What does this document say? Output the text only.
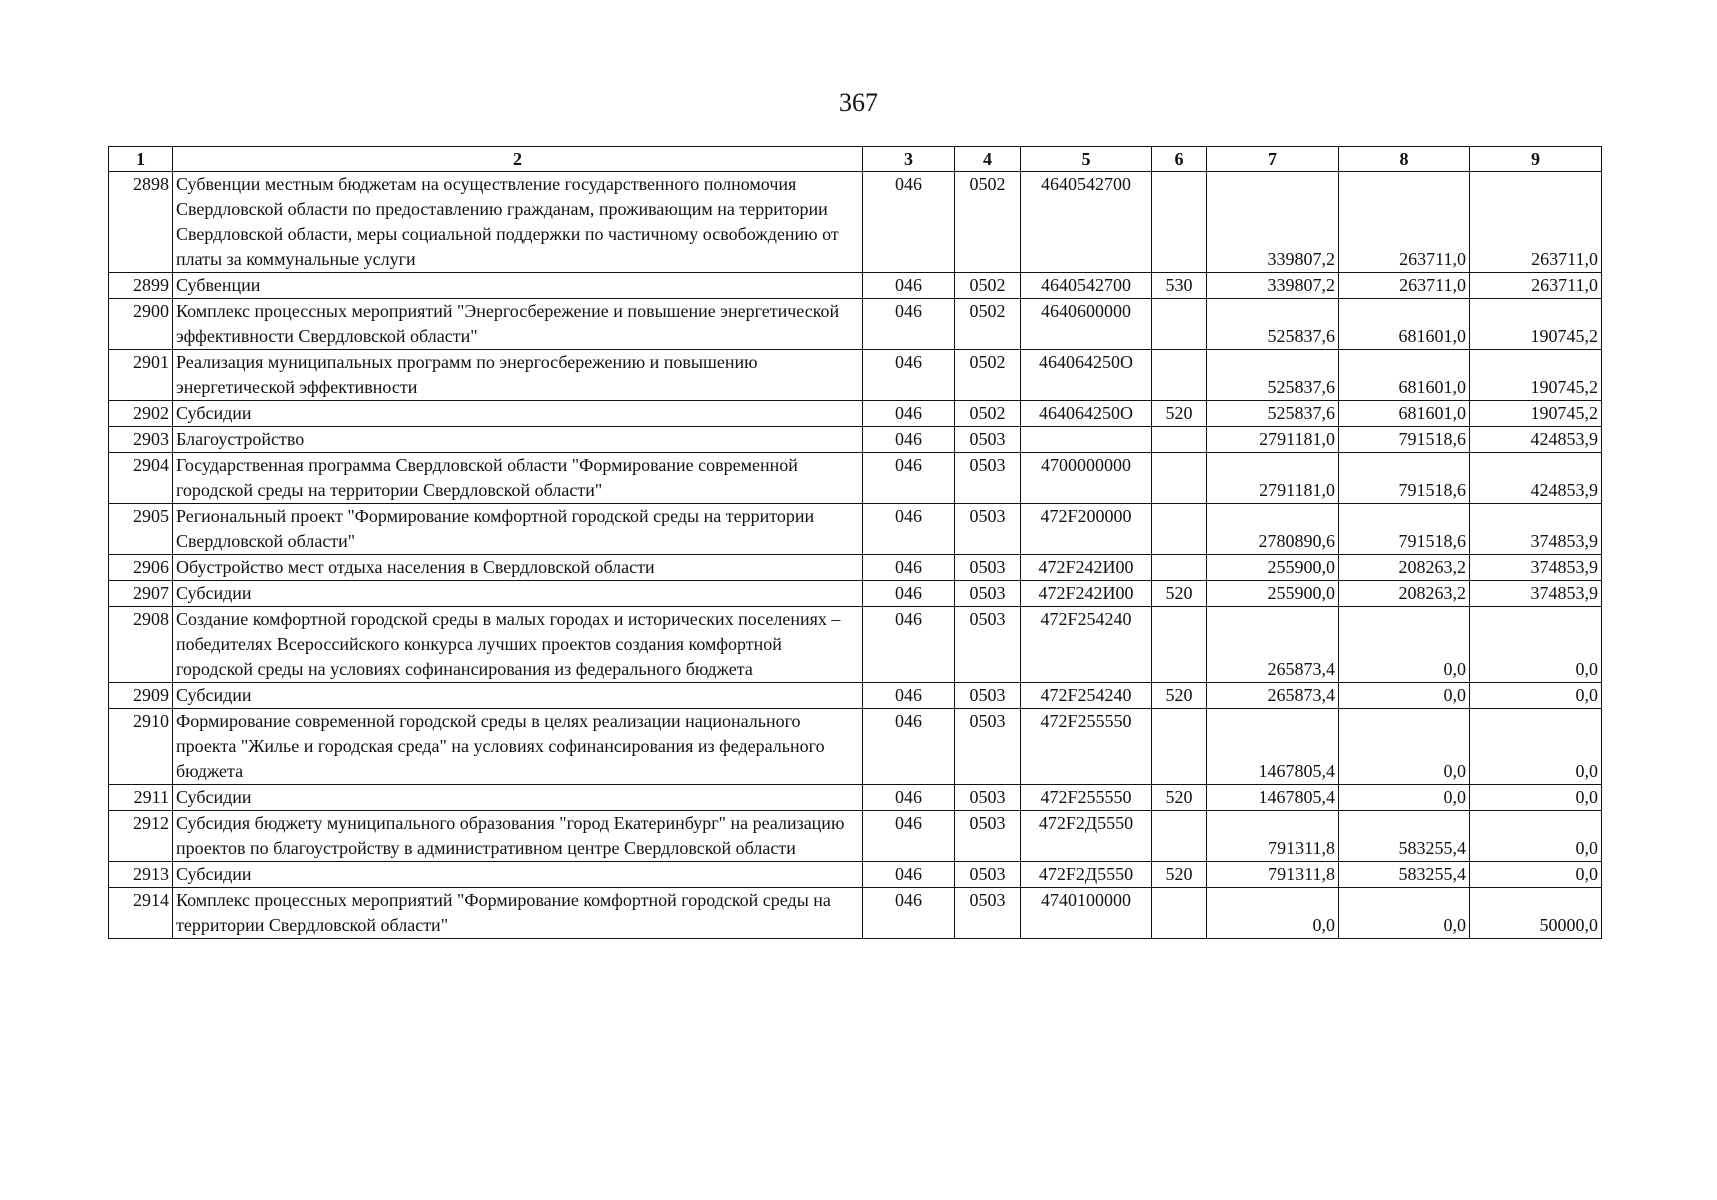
367
1	2	3	4	5	6	7	8	9
2898	Субвенции местным бюджетам на осуществление государственного полномочия Свердловской области по предоставлению гражданам, проживающим на территории Свердловской области, меры социальной поддержки по частичному освобождению от платы за коммунальные услуги	046	0502	4640542700		339807,2	263711,0	263711,0
2899	Субвенции	046	0502	4640542700	530	339807,2	263711,0	263711,0
2900	Комплекс процессных мероприятий "Энергосбережение и повышение энергетической эффективности Свердловской области"	046	0502	4640600000		525837,6	681601,0	190745,2
2901	Реализация муниципальных программ по энергосбережению и повышению энергетической эффективности	046	0502	464064250О		525837,6	681601,0	190745,2
2902	Субсидии	046	0502	464064250О	520	525837,6	681601,0	190745,2
2903	Благоустройство	046	0503			2791181,0	791518,6	424853,9
2904	Государственная программа Свердловской области "Формирование современной городской среды на территории Свердловской области"	046	0503	4700000000		2791181,0	791518,6	424853,9
2905	Региональный проект "Формирование комфортной городской среды на территории Свердловской области"	046	0503	472F200000		2780890,6	791518,6	374853,9
2906	Обустройство мест отдыха населения в Свердловской области	046	0503	472F242И00		255900,0	208263,2	374853,9
2907	Субсидии	046	0503	472F242И00	520	255900,0	208263,2	374853,9
2908	Создание комфортной городской среды в малых городах и исторических поселениях – победителях Всероссийского конкурса лучших проектов создания комфортной городской среды на условиях софинансирования из федерального бюджета	046	0503	472F254240		265873,4	0,0	0,0
2909	Субсидии	046	0503	472F254240	520	265873,4	0,0	0,0
2910	Формирование современной городской среды в целях реализации национального проекта "Жилье и городская среда" на условиях софинансирования из федерального бюджета	046	0503	472F255550		1467805,4	0,0	0,0
2911	Субсидии	046	0503	472F255550	520	1467805,4	0,0	0,0
2912	Субсидия бюджету муниципального образования "город Екатеринбург" на реализацию проектов по благоустройству в административном центре Свердловской области	046	0503	472F2Д5550		791311,8	583255,4	0,0
2913	Субсидии	046	0503	472F2Д5550	520	791311,8	583255,4	0,0
2914	Комплекс процессных мероприятий "Формирование комфортной городской среды на территории Свердловской области"	046	0503	4740100000		0,0	0,0	50000,0
